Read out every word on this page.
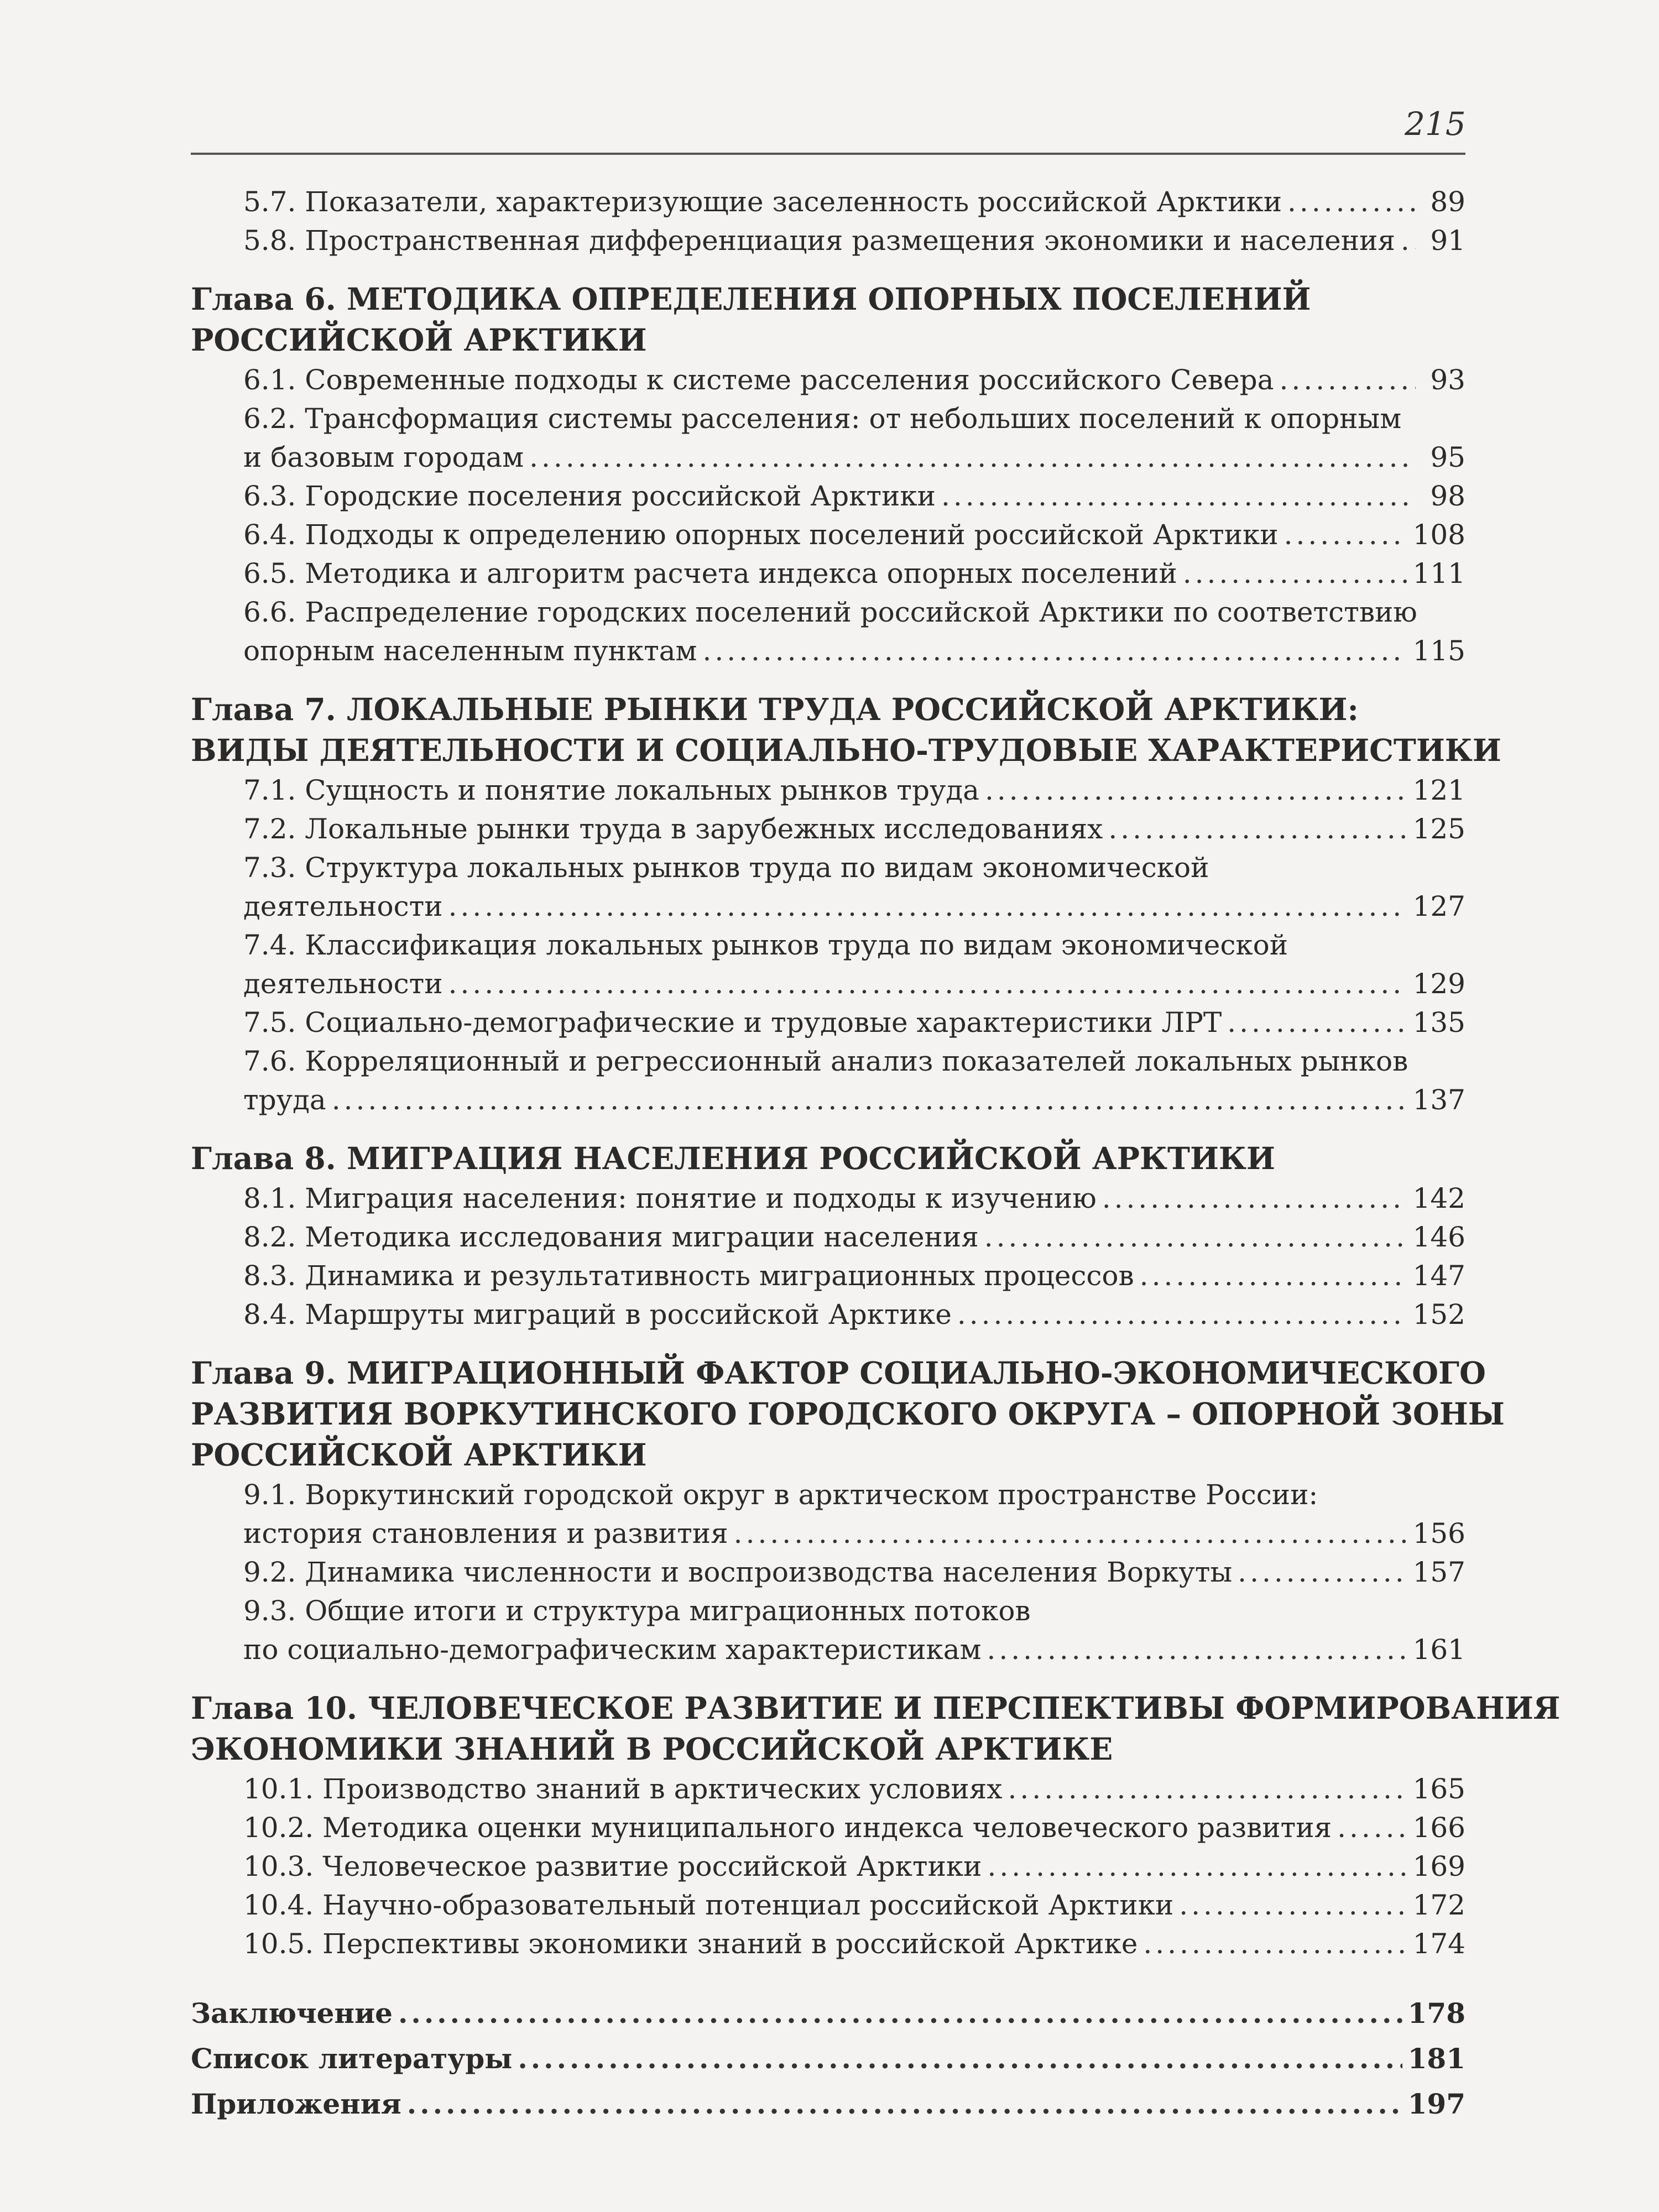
215
5.7. Показатели, характеризующие заселенность российской Арктики .....	89
5.8. Пространственная дифференциация размещения экономики и населения .....	91
Глава 6. МЕТОДИКА ОПРЕДЕЛЕНИЯ ОПОРНЫХ ПОСЕЛЕНИЙ
РОССИЙСКОЙ АРКТИКИ
6.1. Современные подходы к системе расселения российского Севера .....	93
6.2. Трансформация системы расселения: от небольших поселений к опорным
и базовым городам .....	95
6.3. Городские поселения российской Арктики .....	98
6.4. Подходы к определению опорных поселений российской Арктики .....	108
6.5. Методика и алгоритм расчета индекса опорных поселений .....	111
6.6. Распределение городских поселений российской Арктики по соответствию
опорным населенным пунктам .....	115
Глава 7. ЛОКАЛЬНЫЕ РЫНКИ ТРУДА РОССИЙСКОЙ АРКТИКИ:
ВИДЫ ДЕЯТЕЛЬНОСТИ И СОЦИАЛЬНО-ТРУДОВЫЕ ХАРАКТЕРИСТИКИ
7.1. Сущность и понятие локальных рынков труда .....	121
7.2. Локальные рынки труда в зарубежных исследованиях .....	125
7.3. Структура локальных рынков труда по видам экономической
деятельности .....	127
7.4. Классификация локальных рынков труда по видам экономической
деятельности .....	129
7.5. Социально-демографические и трудовые характеристики ЛРТ .....	135
7.6. Корреляционный и регрессионный анализ показателей локальных рынков
труда .....	137
Глава 8. МИГРАЦИЯ НАСЕЛЕНИЯ РОССИЙСКОЙ АРКТИКИ
8.1. Миграция населения: понятие и подходы к изучению .....	142
8.2. Методика исследования миграции населения .....	146
8.3. Динамика и результативность миграционных процессов .....	147
8.4. Маршруты миграций в российской Арктике .....	152
Глава 9. МИГРАЦИОННЫЙ ФАКТОР СОЦИАЛЬНО-ЭКОНОМИЧЕСКОГО
РАЗВИТИЯ ВОРКУТИНСКОГО ГОРОДСКОГО ОКРУГА – ОПОРНОЙ ЗОНЫ
РОССИЙСКОЙ АРКТИКИ
9.1. Воркутинский городской округ в арктическом пространстве России:
история становления и развития .....	156
9.2. Динамика численности и воспроизводства населения Воркуты .....	157
9.3. Общие итоги и структура миграционных потоков
по социально-демографическим характеристикам .....	161
Глава 10. ЧЕЛОВЕЧЕСКОЕ РАЗВИТИЕ И ПЕРСПЕКТИВЫ ФОРМИРОВАНИЯ
ЭКОНОМИКИ ЗНАНИЙ В РОССИЙСКОЙ АРКТИКЕ
10.1. Производство знаний в арктических условиях .....	165
10.2. Методика оценки муниципального индекса человеческого развития .....	166
10.3. Человеческое развитие российской Арктики .....	169
10.4. Научно-образовательный потенциал российской Арктики .....	172
10.5. Перспективы экономики знаний в российской Арктике .....	174
Заключение .....	178
Список литературы .....	181
Приложения .....	197
